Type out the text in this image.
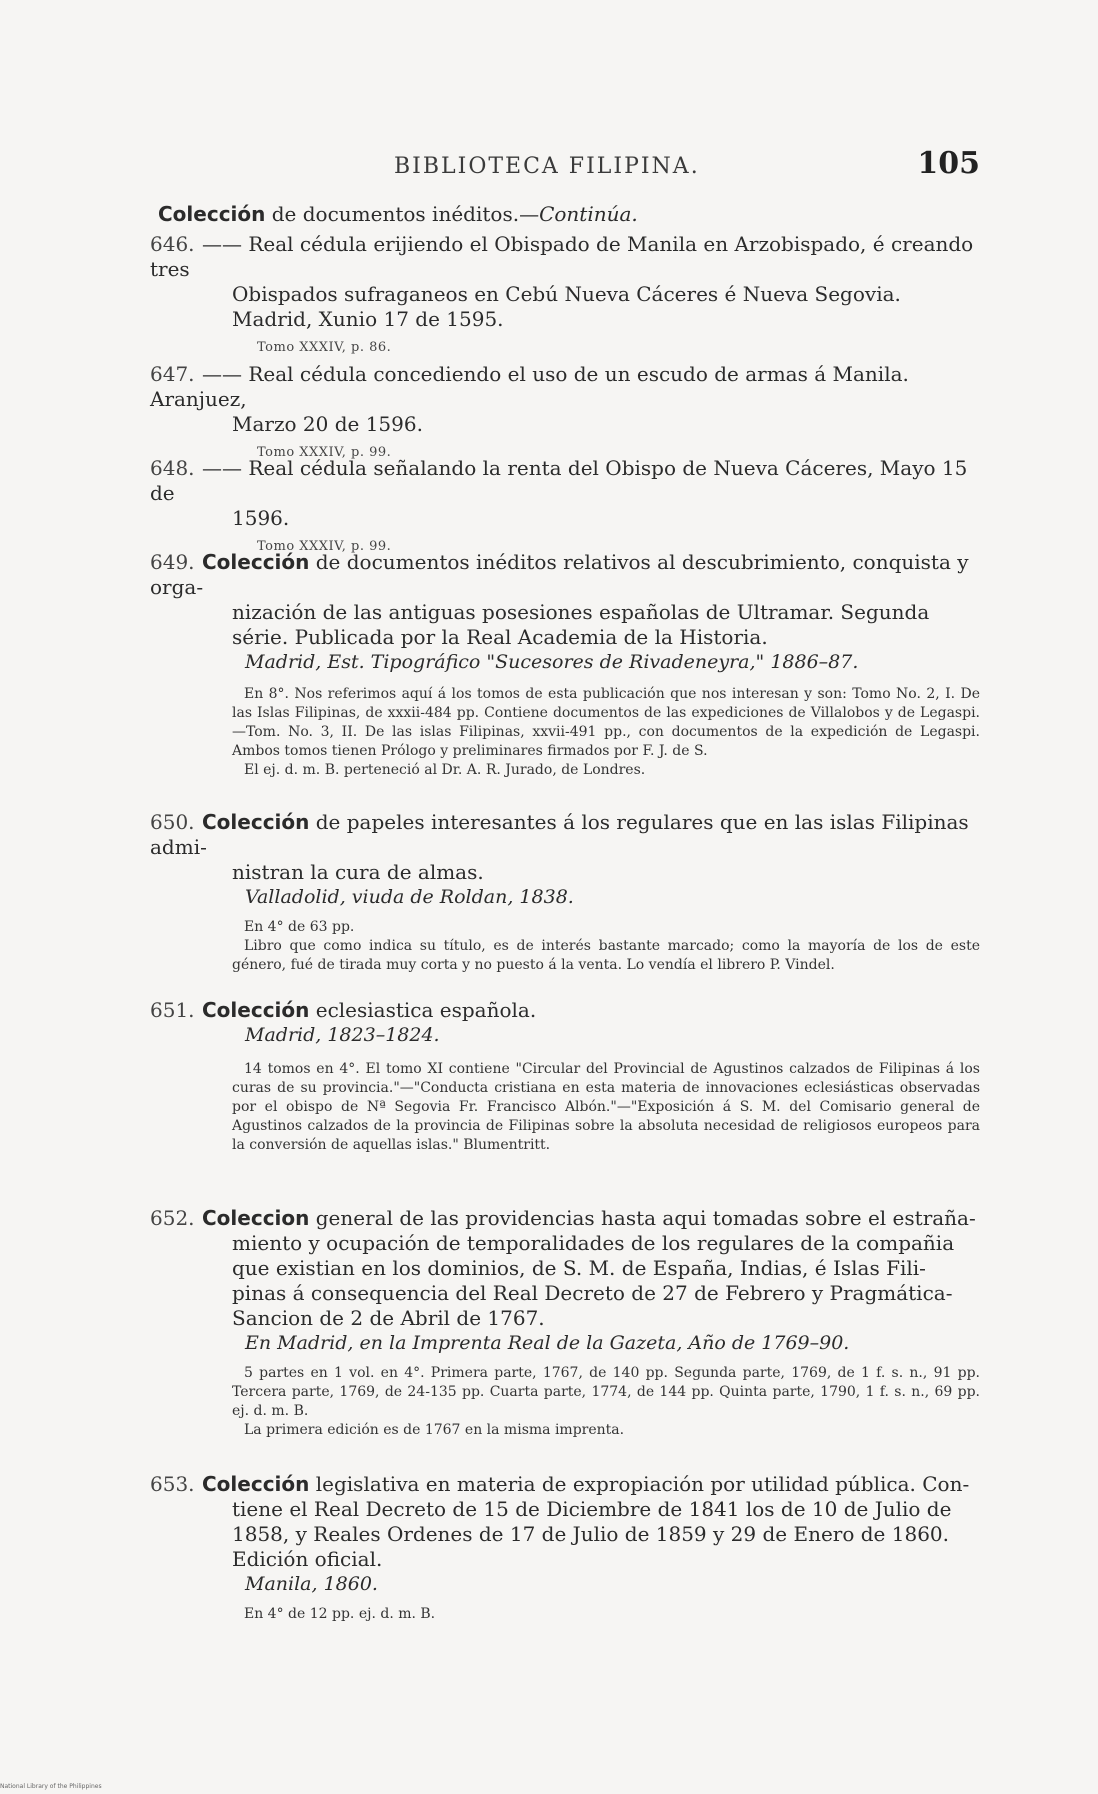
BIBLIOTECA FILIPINA.	105
Colección de documentos inéditos.—Continúa.
646. —— Real cédula erijiendo el Obispado de Manila en Arzobispado, é creando tres
Obispados sufraganeos en Cebú Nueva Cáceres é Nueva Segovia.
Madrid, Xunio 17 de 1595.
Tomo XXXIV, p. 86.
647. —— Real cédula concediendo el uso de un escudo de armas á Manila. Aranjuez,
Marzo 20 de 1596.
Tomo XXXIV, p. 99.
648. —— Real cédula señalando la renta del Obispo de Nueva Cáceres, Mayo 15 de
1596.
Tomo XXXIV, p. 99.
649. Colección de documentos inéditos relativos al descubrimiento, conquista y orga-
nización de las antiguas posesiones españolas de Ultramar. Segunda
série. Publicada por la Real Academia de la Historia.
Madrid, Est. Tipográfico "Sucesores de Rivadeneyra," 1886–87.

En 8°. Nos referimos aquí á los tomos de esta publicación que nos interesan y son: Tomo No. 2, I. De las Islas Filipinas, de xxxii-484 pp. Contiene documentos de las expediciones de Villalobos y de Legaspi.—Tom. No. 3, II. De las islas Filipinas, xxvii-491 pp., con documentos de la expedición de Legaspi. Ambos tomos tienen Prólogo y preliminares firmados por F. J. de S.

El ej. d. m. B. perteneció al Dr. A. R. Jurado, de Londres.

650. Colección de papeles interesantes á los regulares que en las islas Filipinas admi-
nistran la cura de almas.
Valladolid, viuda de Roldan, 1838.

En 4° de 63 pp.

Libro que como indica su título, es de interés bastante marcado; como la mayoría de los de este género, fué de tirada muy corta y no puesto á la venta. Lo vendía el librero P. Vindel.

651. Colección eclesiastica española.
Madrid, 1823–1824.

14 tomos en 4°. El tomo XI contiene "Circular del Provincial de Agustinos calzados de Filipinas á los curas de su provincia."—"Conducta cristiana en esta materia de innovaciones eclesiásticas observadas por el obispo de Nª Segovia Fr. Francisco Albón."—"Exposición á S. M. del Comisario general de Agustinos calzados de la provincia de Filipinas sobre la absoluta necesidad de religiosos europeos para la conversión de aquellas islas." Blumentritt.

652. Coleccion general de las providencias hasta aqui tomadas sobre el estraña-
miento y ocupación de temporalidades de los regulares de la compañia
que existian en los dominios, de S. M. de España, Indias, é Islas Fili-
pinas á consequencia del Real Decreto de 27 de Febrero y Pragmática-
Sancion de 2 de Abril de 1767.
En Madrid, en la Imprenta Real de la Gazeta, Año de 1769–90.

5 partes en 1 vol. en 4°. Primera parte, 1767, de 140 pp. Segunda parte, 1769, de 1 f. s. n., 91 pp. Tercera parte, 1769, de 24-135 pp. Cuarta parte, 1774, de 144 pp. Quinta parte, 1790, 1 f. s. n., 69 pp. ej. d. m. B.

La primera edición es de 1767 en la misma imprenta.

653. Colección legislativa en materia de expropiación por utilidad pública. Con-
tiene el Real Decreto de 15 de Diciembre de 1841 los de 10 de Julio de
1858, y Reales Ordenes de 17 de Julio de 1859 y 29 de Enero de 1860.
Edición oficial.
Manila, 1860.

En 4° de 12 pp. ej. d. m. B.

National Library of the Philippines
